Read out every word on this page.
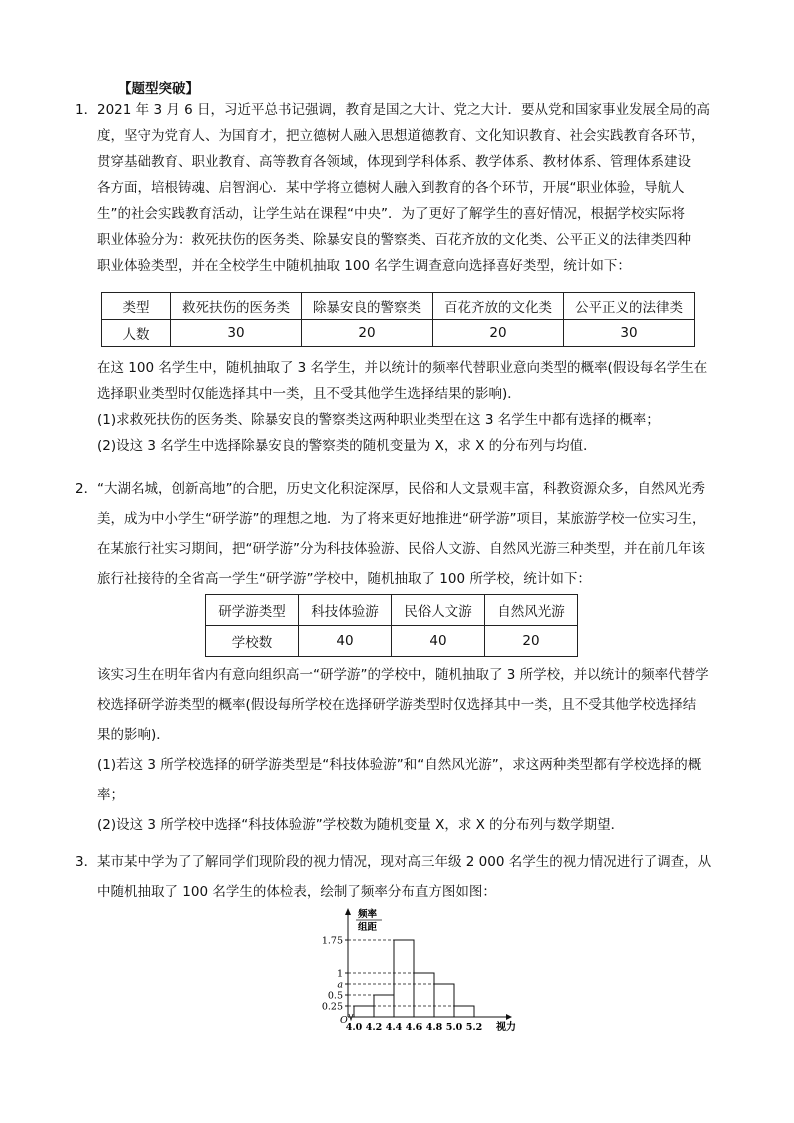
【题型突破】
1． 2021 年 3 月 6 日，习近平总书记强调，教育是国之大计、党之大计．要从党和国家事业发展全局的高
度，坚守为党育人、为国育才，把立德树人融入思想道德教育、文化知识教育、社会实践教育各环节，
贯穿基础教育、职业教育、高等教育各领域，体现到学科体系、教学体系、教材体系、管理体系建设
各方面，培根铸魂、启智润心．某中学将立德树人融入到教育的各个环节，开展“职业体验，导航人
生”的社会实践教育活动，让学生站在课程“中央”．为了更好了解学生的喜好情况，根据学校实际将
职业体验分为：救死扶伤的医务类、除暴安良的警察类、百花齐放的文化类、公平正义的法律类四种
职业体验类型，并在全校学生中随机抽取 100 名学生调查意向选择喜好类型，统计如下：
类型	救死扶伤的医务类	除暴安良的警察类	百花齐放的文化类	公平正义的法律类
人数	30	20	20	30
在这 100 名学生中，随机抽取了 3 名学生，并以统计的频率代替职业意向类型的概率(假设每名学生在
选择职业类型时仅能选择其中一类，且不受其他学生选择结果的影响)．
(1)求救死扶伤的医务类、除暴安良的警察类这两种职业类型在这 3 名学生中都有选择的概率；
(2)设这 3 名学生中选择除暴安良的警察类的随机变量为 X，求 X 的分布列与均值．
2． “大湖名城，创新高地”的合肥，历史文化积淀深厚，民俗和人文景观丰富，科教资源众多，自然风光秀
美，成为中小学生“研学游”的理想之地．为了将来更好地推进“研学游”项目，某旅游学校一位实习生，
在某旅行社实习期间，把“研学游”分为科技体验游、民俗人文游、自然风光游三种类型，并在前几年该
旅行社接待的全省高一学生“研学游”学校中，随机抽取了 100 所学校，统计如下：
研学游类型	科技体验游	民俗人文游	自然风光游
学校数	40	40	20
该实习生在明年省内有意向组织高一“研学游”的学校中，随机抽取了 3 所学校，并以统计的频率代替学
校选择研学游类型的概率(假设每所学校在选择研学游类型时仅选择其中一类，且不受其他学校选择结
果的影响)．
(1)若这 3 所学校选择的研学游类型是“科技体验游”和“自然风光游”，求这两种类型都有学校选择的概
率；
(2)设这 3 所学校中选择“科技体验游”学校数为随机变量 X，求 X 的分布列与数学期望．
3． 某市某中学为了了解同学们现阶段的视力情况，现对高三年级 2 000 名学生的视力情况进行了调查，从
中随机抽取了 100 名学生的体检表，绘制了频率分布直方图如图：
0.25
0.5
a
1
1.75
4.0 4.2 4.4 4.6 4.8 5.0 5.2
O
视力
频率
组距
